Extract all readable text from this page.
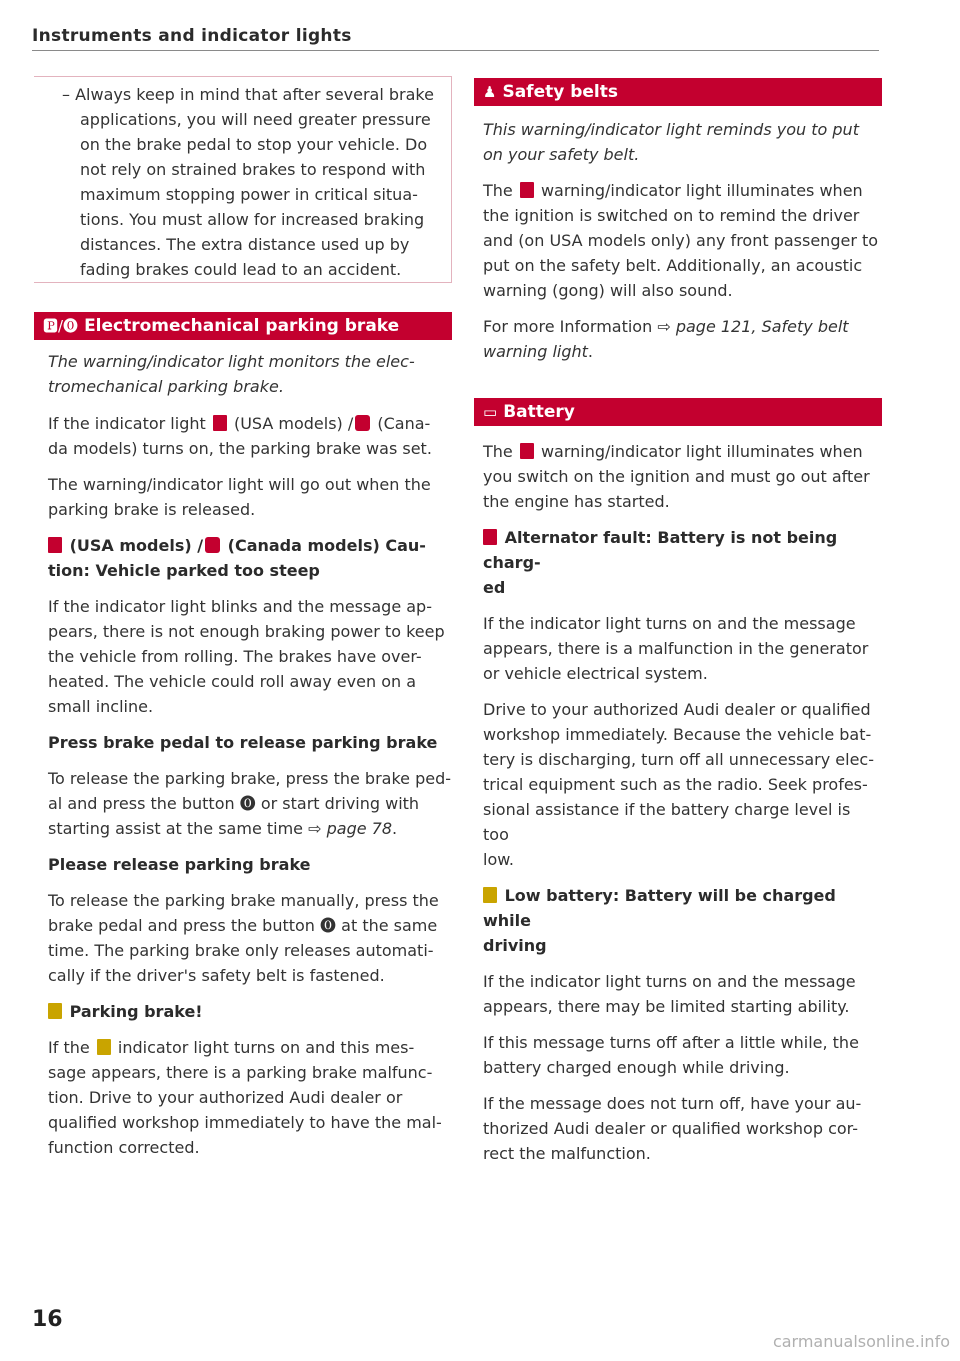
Instruments and indicator lights
– Always keep in mind that after several brake
applications, you will need greater pressure
on the brake pedal to stop your vehicle. Do
not rely on strained brakes to respond with
maximum stopping power in critical situa-
tions. You must allow for increased braking
distances. The extra distance used up by
fading brakes could lead to an accident.
🅿/⓿ Electromechanical parking brake
The warning/indicator light monitors the elec-
tromechanical parking brake.
If the indicator light (USA models) / (Cana-
da models) turns on, the parking brake was set.
The warning/indicator light will go out when the
parking brake is released.
(USA models) / (Canada models) Cau-
tion: Vehicle parked too steep
If the indicator light blinks and the message ap-
pears, there is not enough braking power to keep
the vehicle from rolling. The brakes have over-
heated. The vehicle could roll away even on a
small incline.
Press brake pedal to release parking brake
To release the parking brake, press the brake ped-
al and press the button ⓿ or start driving with
starting assist at the same time ⇨ page 78.
Please release parking brake
To release the parking brake manually, press the
brake pedal and press the button ⓿ at the same
time. The parking brake only releases automati-
cally if the driver's safety belt is fastened.
Parking brake!
If the indicator light turns on and this mes-
sage appears, there is a parking brake malfunc-
tion. Drive to your authorized Audi dealer or
qualified workshop immediately to have the mal-
function corrected.
♟ Safety belts
This warning/indicator light reminds you to put
on your safety belt.
The warning/indicator light illuminates when
the ignition is switched on to remind the driver
and (on USA models only) any front passenger to
put on the safety belt. Additionally, an acoustic
warning (gong) will also sound.
For more Information ⇨ page 121, Safety belt
warning light.
▭ Battery
The warning/indicator light illuminates when
you switch on the ignition and must go out after
the engine has started.
Alternator fault: Battery is not being charg-
ed
If the indicator light turns on and the message
appears, there is a malfunction in the generator
or vehicle electrical system.
Drive to your authorized Audi dealer or qualified
workshop immediately. Because the vehicle bat-
tery is discharging, turn off all unnecessary elec-
trical equipment such as the radio. Seek profes-
sional assistance if the battery charge level is too
low.
Low battery: Battery will be charged while
driving
If the indicator light turns on and the message
appears, there may be limited starting ability.
If this message turns off after a little while, the
battery charged enough while driving.
If the message does not turn off, have your au-
thorized Audi dealer or qualified workshop cor-
rect the malfunction.
16
carmanualsonline.info
